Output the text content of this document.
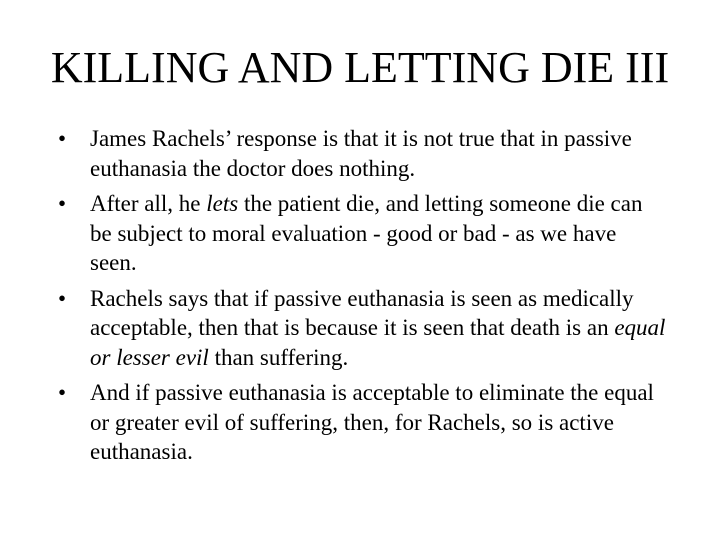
KILLING AND LETTING DIE III
•	James Rachels’ response is that it is not true that in passive euthanasia the doctor does nothing.
•	After all, he lets the patient die, and letting someone die can be subject to moral evaluation - good or bad - as we have seen.
•	Rachels says that if passive euthanasia is seen as medically acceptable, then that is because it is seen that death is an equal or lesser evil than suffering.
•	And if passive euthanasia is acceptable to eliminate the equal or greater evil of suffering, then, for Rachels, so is active euthanasia.
